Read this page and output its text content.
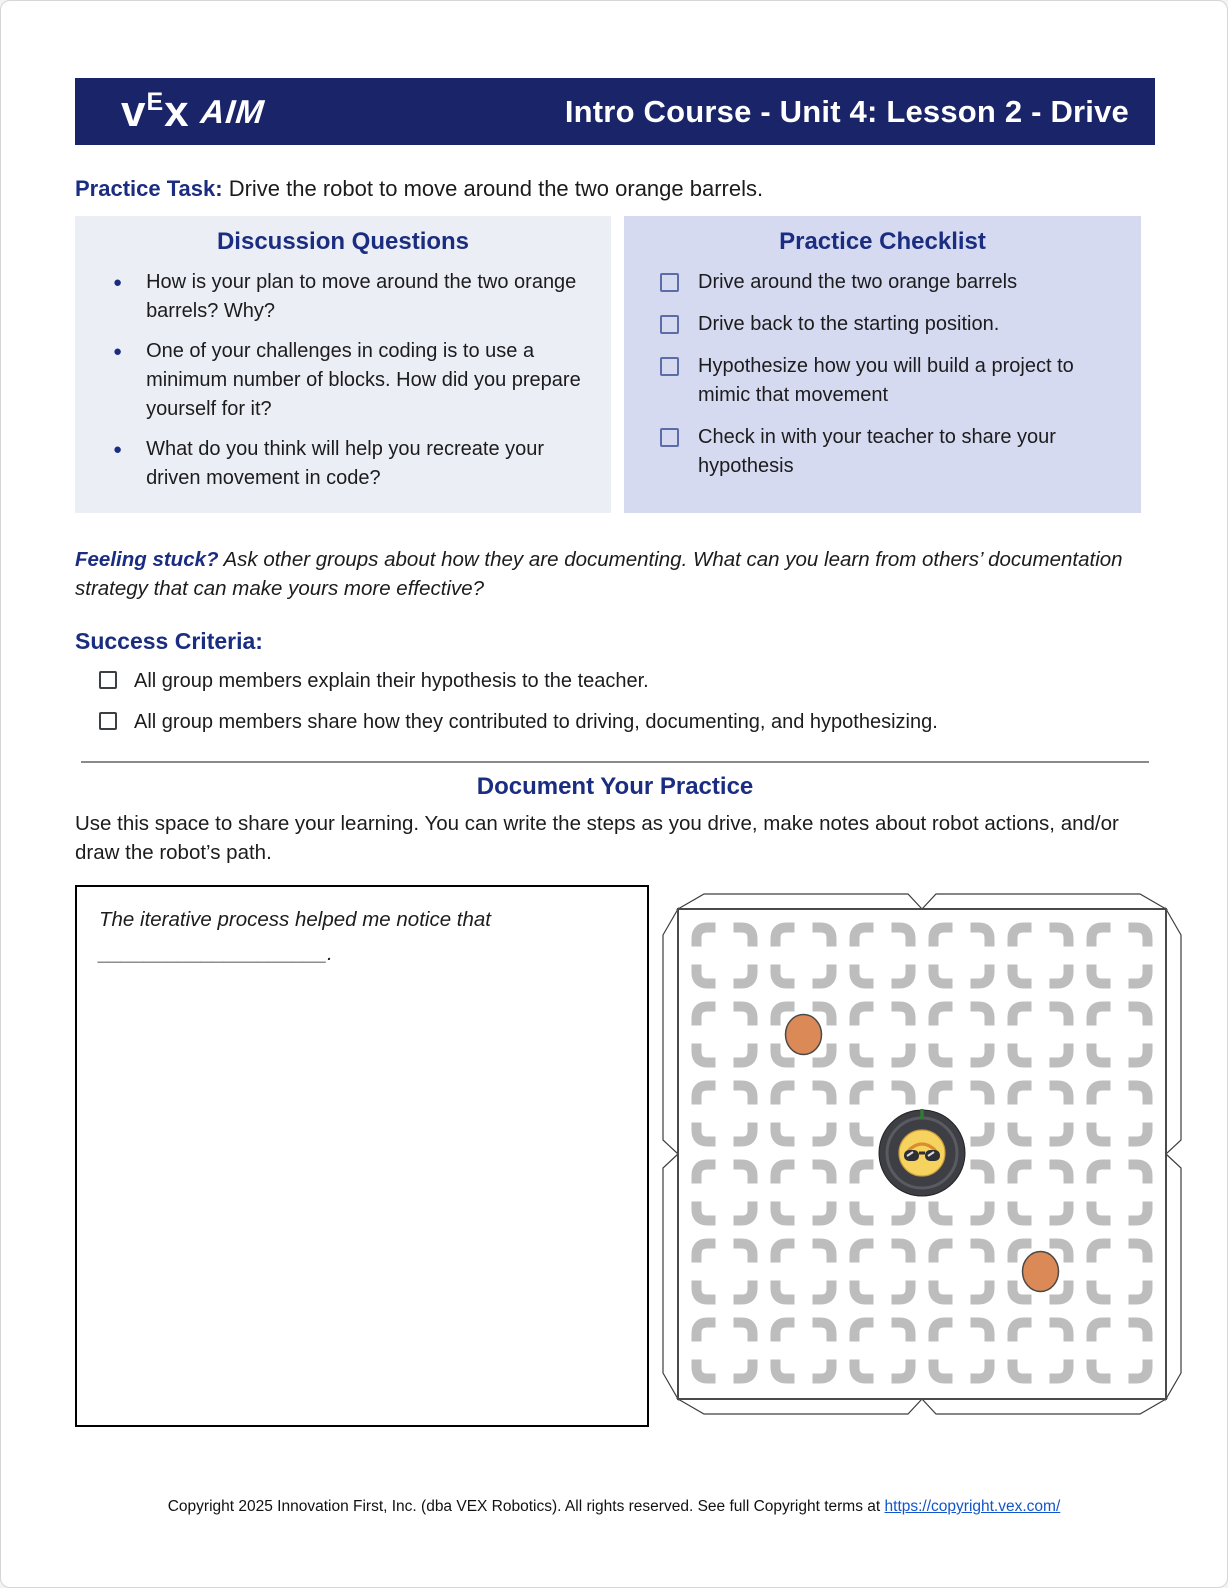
v E x AIM	Intro Course - Unit 4: Lesson 2 - Drive
Practice Task: Drive the robot to move around the two orange barrels.
Discussion Questions
● How is your plan to move around the two orange barrels? Why?
● One of your challenges in coding is to use a minimum number of blocks. How did you prepare yourself for it?
● What do you think will help you recreate your driven movement in code?
Practice Checklist
Drive around the two orange barrels
Drive back to the starting position.
Hypothesize how you will build a project to mimic that movement
Check in with your teacher to share your hypothesis
Feeling stuck? Ask other groups about how they are documenting. What can you learn from others’ documentation strategy that can make yours more effective?
Success Criteria:
All group members explain their hypothesis to the teacher.
All group members share how they contributed to driving, documenting, and hypothesizing.
Document Your Practice
Use this space to share your learning. You can write the steps as you drive, make notes about robot actions, and/or draw the robot’s path.
The iterative process helped me notice that
____________________.
Copyright 2025 Innovation First, Inc. (dba VEX Robotics). All rights reserved. See full Copyright terms at https://copyright.vex.com/
